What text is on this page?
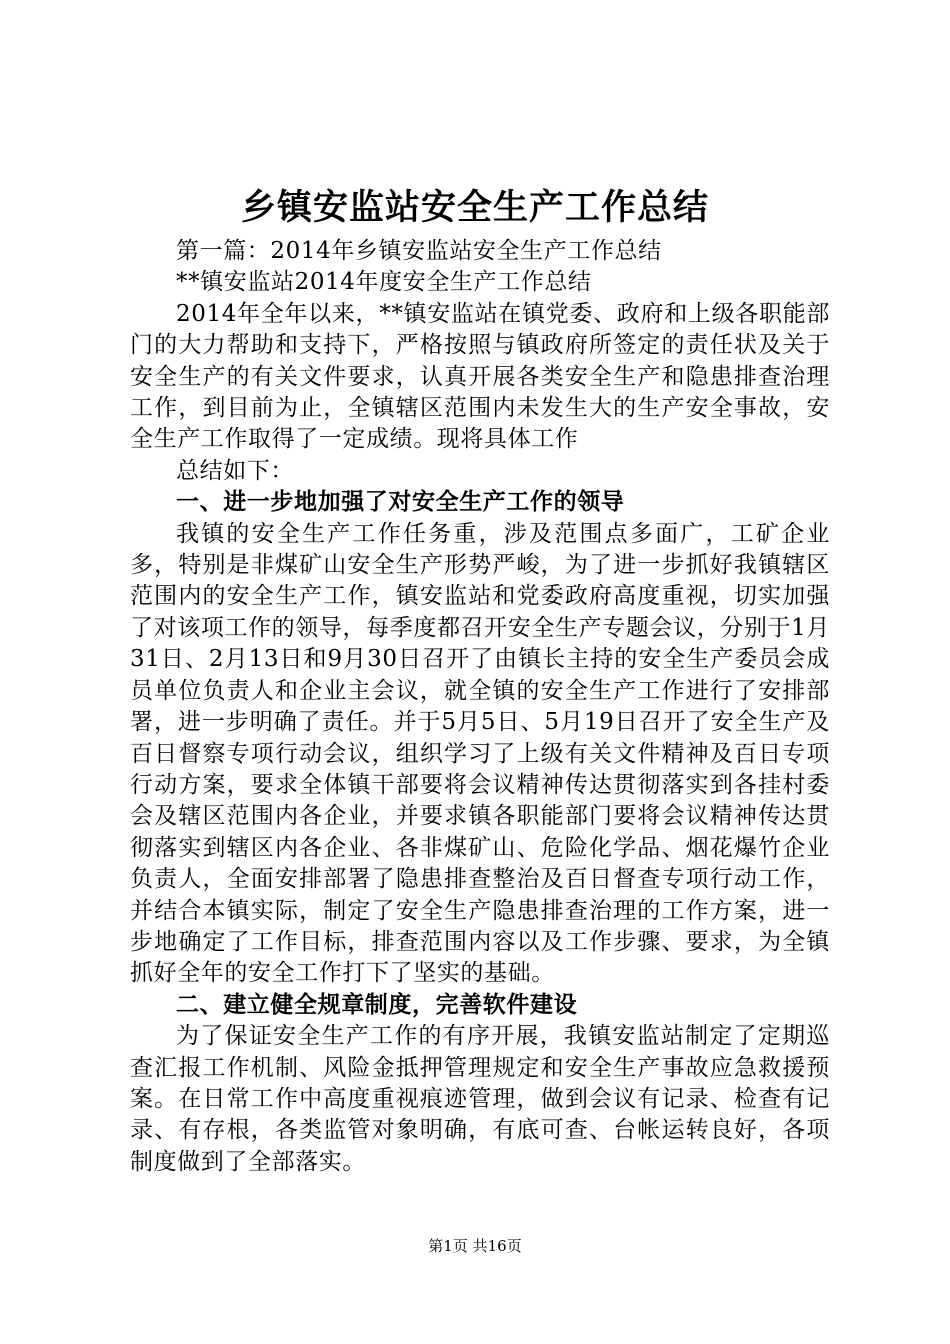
乡镇安监站安全生产工作总结

第一篇：2014年乡镇安监站安全生产工作总结

**镇安监站2014年度安全生产工作总结

2014年全年以来，**镇安监站在镇党委、政府和上级各职能部门的大力帮助和支持下，严格按照与镇政府所签定的责任状及关于安全生产的有关文件要求，认真开展各类安全生产和隐患排查治理工作，到目前为止，全镇辖区范围内未发生大的生产安全事故，安全生产工作取得了一定成绩。现将具体工作

总结如下：

一、进一步地加强了对安全生产工作的领导

我镇的安全生产工作任务重，涉及范围点多面广，工矿企业多，特别是非煤矿山安全生产形势严峻，为了进一步抓好我镇辖区范围内的安全生产工作，镇安监站和党委政府高度重视，切实加强了对该项工作的领导，每季度都召开安全生产专题会议，分别于1月31日、2月13日和9月30日召开了由镇长主持的安全生产委员会成员单位负责人和企业主会议，就全镇的安全生产工作进行了安排部署，进一步明确了责任。并于5月5日、5月19日召开了安全生产及百日督察专项行动会议，组织学习了上级有关文件精神及百日专项行动方案，要求全体镇干部要将会议精神传达贯彻落实到各挂村委会及辖区范围内各企业，并要求镇各职能部门要将会议精神传达贯彻落实到辖区内各企业、各非煤矿山、危险化学品、烟花爆竹企业负责人，全面安排部署了隐患排查整治及百日督查专项行动工作，并结合本镇实际，制定了安全生产隐患排查治理的工作方案，进一步地确定了工作目标，排查范围内容以及工作步骤、要求，为全镇抓好全年的安全工作打下了坚实的基础。

二、建立健全规章制度，完善软件建设

为了保证安全生产工作的有序开展，我镇安监站制定了定期巡查汇报工作机制、风险金抵押管理规定和安全生产事故应急救援预案。在日常工作中高度重视痕迹管理，做到会议有记录、检查有记录、有存根，各类监管对象明确，有底可查、台帐运转良好，各项制度做到了全部落实。

第1页 共16页
